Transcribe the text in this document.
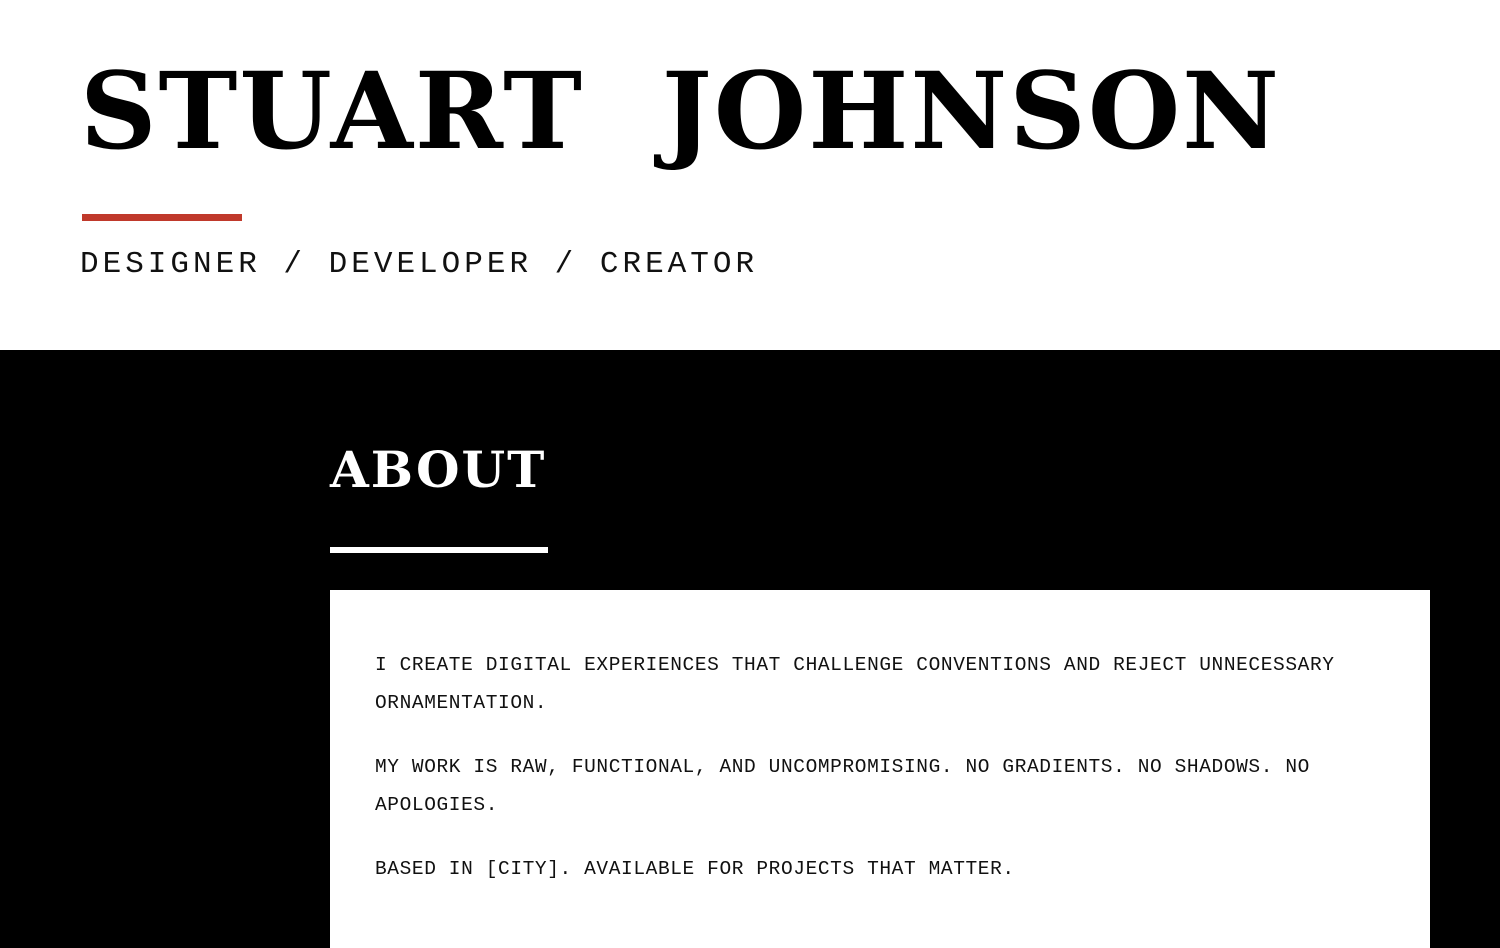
STUART  JOHNSON
DESIGNER / DEVELOPER / CREATOR
ABOUT

I CREATE DIGITAL EXPERIENCES THAT CHALLENGE CONVENTIONS AND REJECT UNNECESSARY ORNAMENTATION.

MY WORK IS RAW, FUNCTIONAL, AND UNCOMPROMISING. NO GRADIENTS. NO SHADOWS. NO APOLOGIES.

BASED IN [CITY]. AVAILABLE FOR PROJECTS THAT MATTER.
